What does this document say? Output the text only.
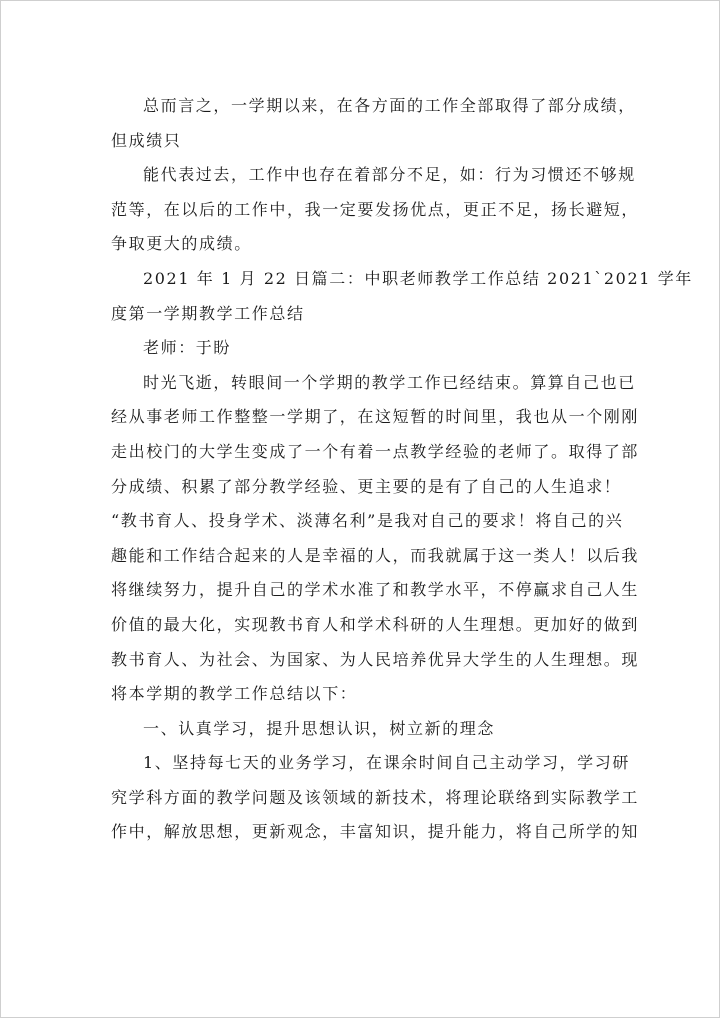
总而言之，一学期以来，在各方面的工作全部取得了部分成绩，
但成绩只
能代表过去，工作中也存在着部分不足，如：行为习惯还不够规
范等，在以后的工作中，我一定要发扬优点，更正不足，扬长避短，
争取更大的成绩。
2021 年 1 月 22 日篇二：中职老师教学工作总结 2021`2021 学年
度第一学期教学工作总结
老师：于盼
时光飞逝，转眼间一个学期的教学工作已经结束。算算自己也已
经从事老师工作整整一学期了，在这短暂的时间里，我也从一个刚刚
走出校门的大学生变成了一个有着一点教学经验的老师了。取得了部
分成绩、积累了部分教学经验、更主要的是有了自己的人生追求！
“教书育人、投身学术、淡薄名利”是我对自己的要求！将自己的兴
趣能和工作结合起来的人是幸福的人，而我就属于这一类人！以后我
将继续努力，提升自己的学术水准了和教学水平，不停赢求自己人生
价值的最大化，实现教书育人和学术科研的人生理想。更加好的做到
教书育人、为社会、为国家、为人民培养优异大学生的人生理想。现
将本学期的教学工作总结以下：
一、认真学习，提升思想认识，树立新的理念
1、坚持每七天的业务学习，在课余时间自己主动学习，学习研
究学科方面的教学问题及该领域的新技术，将理论联络到实际教学工
作中，解放思想，更新观念，丰富知识，提升能力，将自己所学的知
